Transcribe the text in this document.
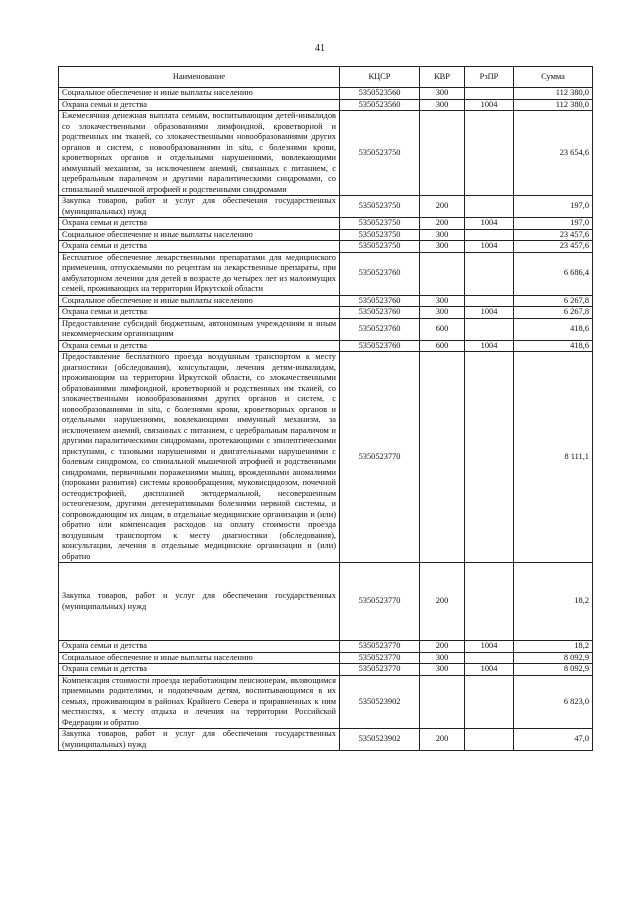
41
Наименование	КЦСР	КВР	РзПР	Сумма
Социальное обеспечение и иные выплаты населению	5350523560	300		112 380,0
Охрана семьи и детства	5350523560	300	1004	112 380,0
Ежемесячная денежная выплата семьям, воспитывающим детей-инвалидов со злокачественными образованиями лимфоидной, кроветворной и родственных им тканей, со злокачественными новообразованиями других органов и систем, с новообразованиями in situ, с болезнями крови, кроветворных органов и отдельными нарушениями, вовлекающими иммунный механизм, за исключением анемий, связанных с питанием, с церебральным параличом и другими паралитическими синдромами, со спинальной мышечной атрофией и родственными синдромами	5350523750			23 654,6
Закупка товаров, работ и услуг для обеспечения государственных (муниципальных) нужд	5350523750	200		197,0
Охрана семьи и детства	5350523750	200	1004	197,0
Социальное обеспечение и иные выплаты населению	5350523750	300		23 457,6
Охрана семьи и детства	5350523750	300	1004	23 457,6
Бесплатное обеспечение лекарственными препаратами для медицинского применения, отпускаемыми по рецептам на лекарственные препараты, при амбулаторном лечении для детей в возрасте до четырех лет из малоимущих семей, проживающих на территории Иркутской области	5350523760			6 686,4
Социальное обеспечение и иные выплаты населению	5350523760	300		6 267,8
Охрана семьи и детства	5350523760	300	1004	6 267,8
Предоставление субсидий бюджетным, автономным учреждениям и иным некоммерческим организациям	5350523760	600		418,6
Охрана семьи и детства	5350523760	600	1004	418,6
Предоставление бесплатного проезда воздушным транспортом к месту диагностики (обследования), консультации, лечения детям-инвалидам, проживающим на территории Иркутской области, со злокачественными образованиями лимфоидной, кроветворной и родственных им тканей, со злокачественными новообразованиями других органов и систем, с новообразованиями in situ, с болезнями крови, кроветворных органов и отдельными нарушениями, вовлекающими иммунный механизм, за исключением анемий, связанных с питанием, с церебральным параличом и другими паралитическими синдромами, протекающими с эпилептическими приступами, с тазовыми нарушениями и двигательными нарушениями с болевым синдромом, со спинальной мышечной атрофией и родственными синдромами, первичными поражениями мышц, врожденными аномалиями (пороками развития) системы кровообращения, муковисцидозом, почечной остеодистрофией, дисплазией эктодермальной, несовершенным остеогенезом, другими дегенеративными болезнями нервной системы, и сопровождающим их лицам, в отдельные медицинские организации и (или) обратно или компенсация расходов на оплату стоимости проезда воздушным транспортом к месту диагностики (обследования), консультации, лечения в отдельные медицинские организации и (или) обратно	5350523770			8 111,1
Закупка товаров, работ и услуг для обеспечения государственных (муниципальных) нужд	5350523770	200		18,2
Охрана семьи и детства	5350523770	200	1004	18,2
Социальное обеспечение и иные выплаты населению	5350523770	300		8 092,9
Охрана семьи и детства	5350523770	300	1004	8 092,9
Компенсация стоимости проезда неработающим пенсионерам, являющимся приемными родителями, и подопечным детям, воспитывающимся в их семьях, проживающим в районах Крайнего Севера и приравненных к ним местностях, к месту отдыха и лечения на территории Российской Федерации и обратно	5350523902			6 823,0
Закупка товаров, работ и услуг для обеспечения государственных (муниципальных) нужд	5350523902	200		47,0
